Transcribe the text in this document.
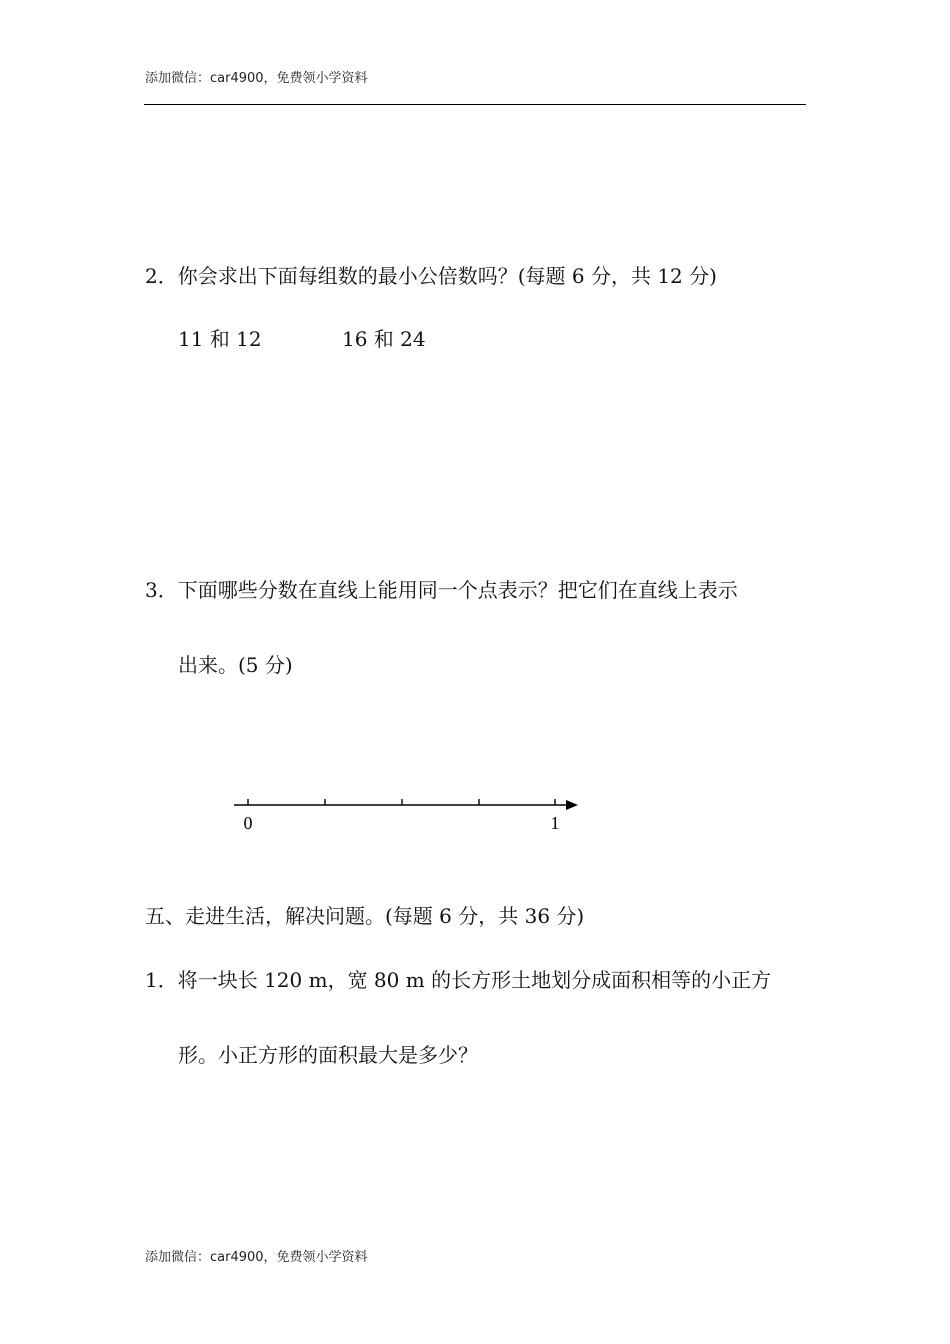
添加微信：car4900，免费领小学资料
2．你会求出下面每组数的最小公倍数吗？(每题 6 分，共 12 分)
11 和 12	16 和 24
3．下面哪些分数在直线上能用同一个点表示？把它们在直线上表示
出来。(5 分)
0	1
五、走进生活，解决问题。(每题 6 分，共 36 分)
1．将一块长 120 m，宽 80 m 的长方形土地划分成面积相等的小正方
形。小正方形的面积最大是多少？
添加微信：car4900，免费领小学资料
